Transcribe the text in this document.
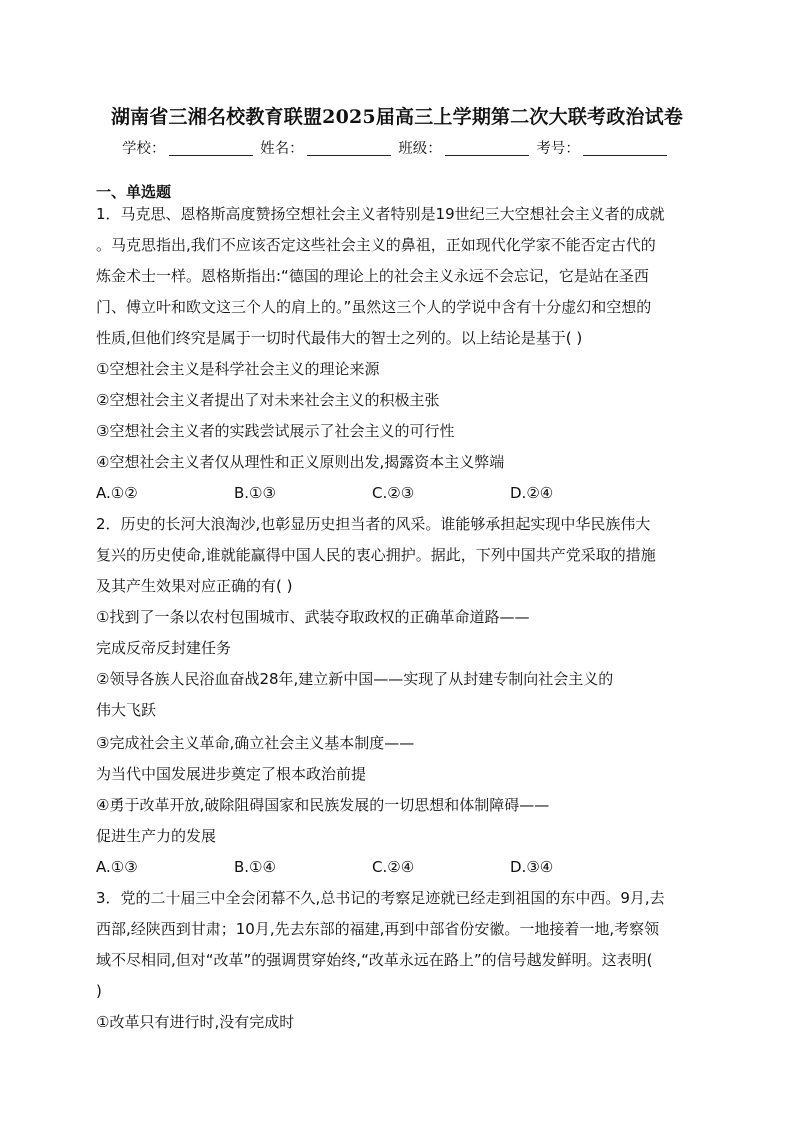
湖南省三湘名校教育联盟2025届高三上学期第二次大联考政治试卷
学校：	姓名：	班级：	考号：
一、单选题
1．马克思、恩格斯高度赞扬空想社会主义者特别是19世纪三大空想社会主义者的成就
。马克思指出,我们不应该否定这些社会主义的鼻祖，正如现代化学家不能否定古代的
炼金术士一样。恩格斯指出:“德国的理论上的社会主义永远不会忘记，它是站在圣西
门、傅立叶和欧文这三个人的肩上的。”虽然这三个人的学说中含有十分虚幻和空想的
性质,但他们终究是属于一切时代最伟大的智士之列的。以上结论是基于( )
①空想社会主义是科学社会主义的理论来源
②空想社会主义者提出了对未来社会主义的积极主张
③空想社会主义者的实践尝试展示了社会主义的可行性
④空想社会主义者仅从理性和正义原则出发,揭露资本主义弊端
A.①②	B.①③	C.②③	D.②④
2．历史的长河大浪淘沙,也彰显历史担当者的风采。谁能够承担起实现中华民族伟大
复兴的历史使命,谁就能赢得中国人民的衷心拥护。据此，下列中国共产党采取的措施
及其产生效果对应正确的有( )
①找到了一条以农村包围城市、武装夺取政权的正确革命道路——
完成反帝反封建任务
②领导各族人民浴血奋战28年,建立新中国——实现了从封建专制向社会主义的
伟大飞跃
③完成社会主义革命,确立社会主义基本制度——
为当代中国发展进步奠定了根本政治前提
④勇于改革开放,破除阻碍国家和民族发展的一切思想和体制障碍——
促进生产力的发展
A.①③	B.①④	C.②④	D.③④
3．党的二十届三中全会闭幕不久,总书记的考察足迹就已经走到祖国的东中西。9月,去
西部,经陕西到甘肃；10月,先去东部的福建,再到中部省份安徽。一地接着一地,考察领
域不尽相同,但对“改革”的强调贯穿始终,“改革永远在路上”的信号越发鲜明。这表明(
)
①改革只有进行时,没有完成时
